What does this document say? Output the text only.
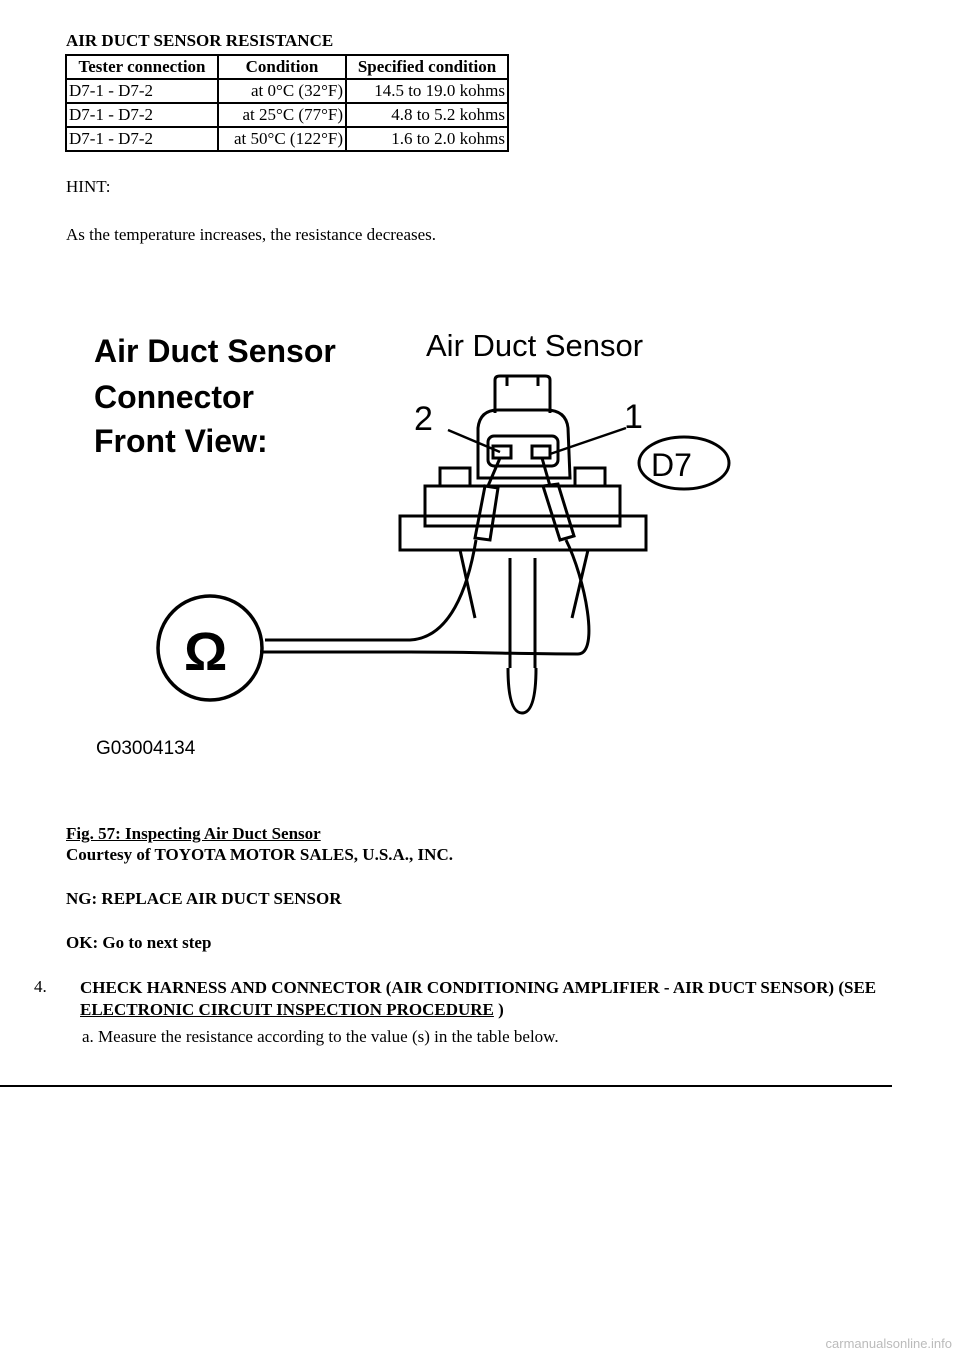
AIR DUCT SENSOR RESISTANCE
Tester connection	Condition	Specified condition
D7-1 - D7-2	at 0°C (32°F)	14.5 to 19.0 kohms
D7-1 - D7-2	at 25°C (77°F)	4.8 to 5.2 kohms
D7-1 - D7-2	at 50°C (122°F)	1.6 to 2.0 kohms
HINT:
As the temperature increases, the resistance decreases.
Air Duct Sensor
Connector
Front View:
Air Duct Sensor
2	1
D7
Ω
G03004134
Fig. 57: Inspecting Air Duct Sensor
Courtesy of TOYOTA MOTOR SALES, U.S.A., INC.
NG: REPLACE AIR DUCT SENSOR
OK: Go to next step
4. CHECK HARNESS AND CONNECTOR (AIR CONDITIONING AMPLIFIER - AIR DUCT SENSOR) (SEE ELECTRONIC CIRCUIT INSPECTION PROCEDURE )
a. Measure the resistance according to the value (s) in the table below.
carmanualsonline.info
